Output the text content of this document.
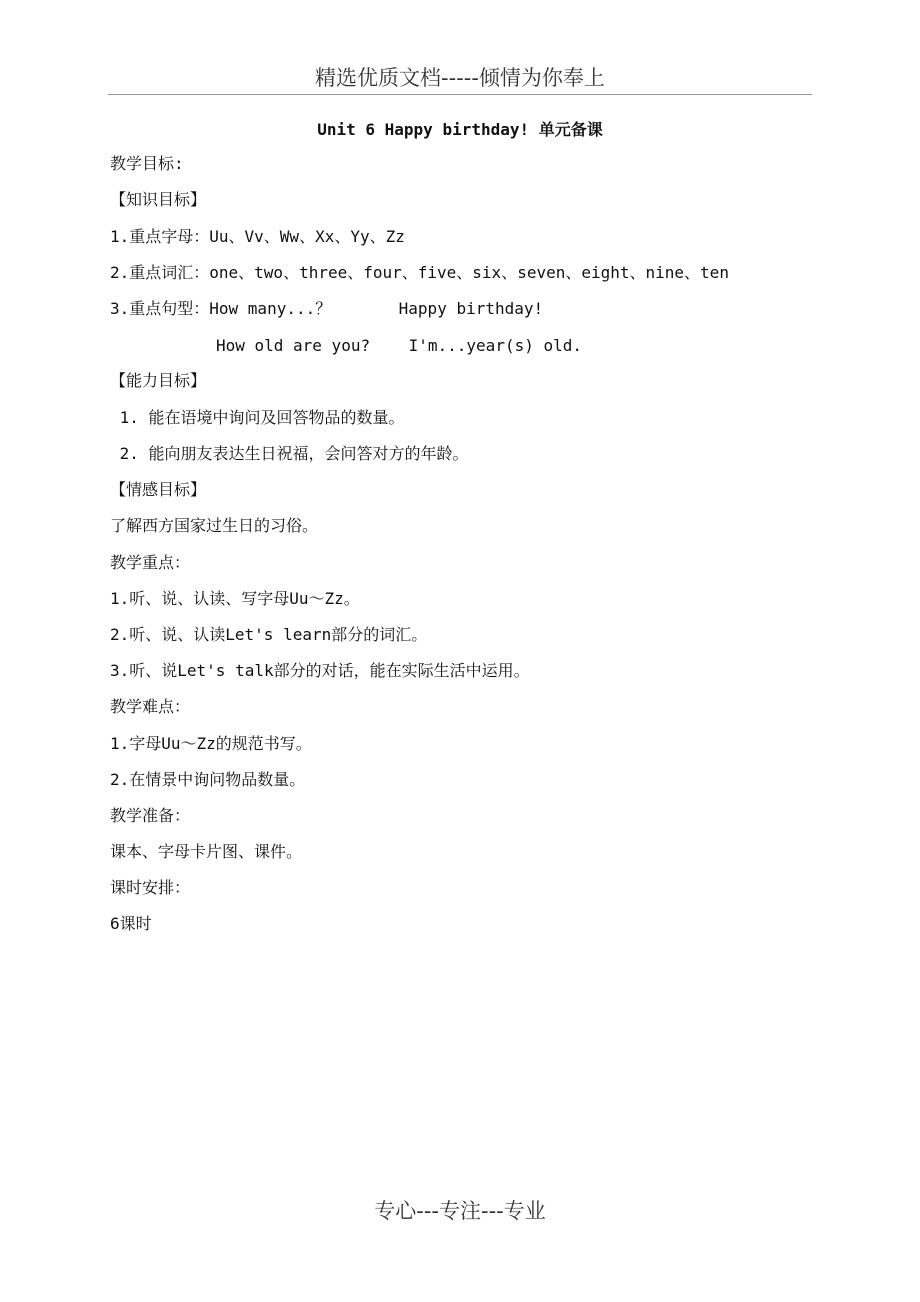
精选优质文档-----倾情为你奉上
Unit 6 Happy birthday! 单元备课
教学目标:
【知识目标】
1.重点字母：Uu、Vv、Ww、Xx、Yy、Zz
2.重点词汇：one、two、three、four、five、six、seven、eight、nine、ten
3.重点句型：How many...？       Happy birthday!
How old are you?    I'm...year(s) old.
【能力目标】
1. 能在语境中询问及回答物品的数量。
2. 能向朋友表达生日祝福，会问答对方的年龄。
【情感目标】
了解西方国家过生日的习俗。
教学重点：
1.听、说、认读、写字母Uu～Zz。
2.听、说、认读Let's learn部分的词汇。
3.听、说Let's talk部分的对话，能在实际生活中运用。
教学难点：
1.字母Uu～Zz的规范书写。
2.在情景中询问物品数量。
教学准备：
课本、字母卡片图、课件。
课时安排：
6课时
专心---专注---专业
